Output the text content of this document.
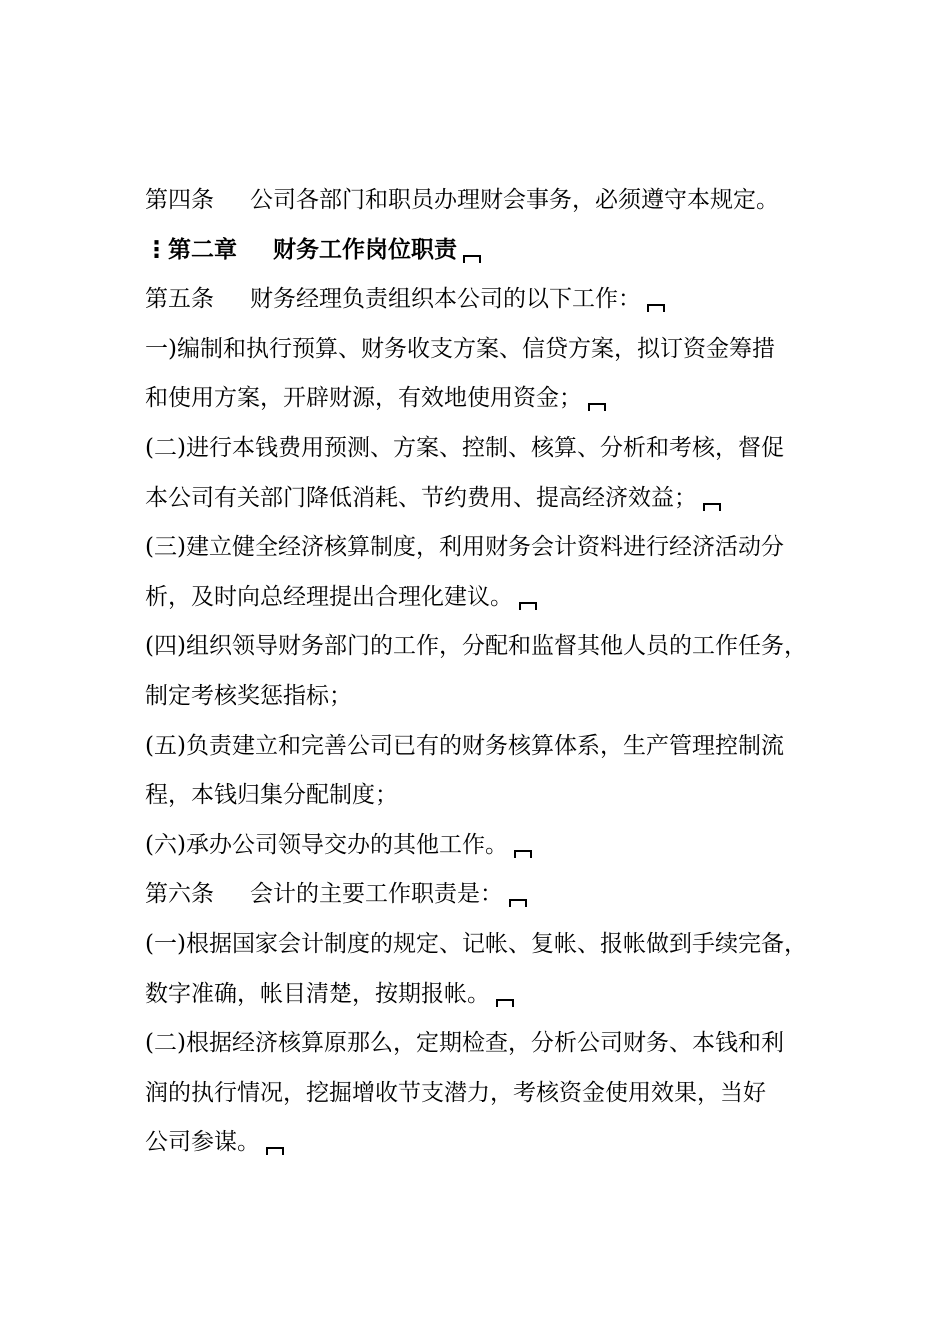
第四条 公司各部门和职员办理财会事务，必须遵守本规定。
⋮第二章 财务工作岗位职责
第五条 财务经理负责组织本公司的以下工作：
一)编制和执行预算、财务收支方案、信贷方案，拟订资金筹措
和使用方案，开辟财源，有效地使用资金；
(二)进行本钱费用预测、方案、控制、核算、分析和考核，督促
本公司有关部门降低消耗、节约费用、提高经济效益；
(三)建立健全经济核算制度，利用财务会计资料进行经济活动分
析，及时向总经理提出合理化建议。
(四)组织领导财务部门的工作，分配和监督其他人员的工作任务，
制定考核奖惩指标；
(五)负责建立和完善公司已有的财务核算体系，生产管理控制流
程，本钱归集分配制度；
(六)承办公司领导交办的其他工作。
第六条 会计的主要工作职责是：
(一)根据国家会计制度的规定、记帐、复帐、报帐做到手续完备，
数字准确，帐目清楚，按期报帐。
(二)根据经济核算原那么，定期检查，分析公司财务、本钱和利
润的执行情况，挖掘增收节支潜力，考核资金使用效果，当好
公司参谋。
